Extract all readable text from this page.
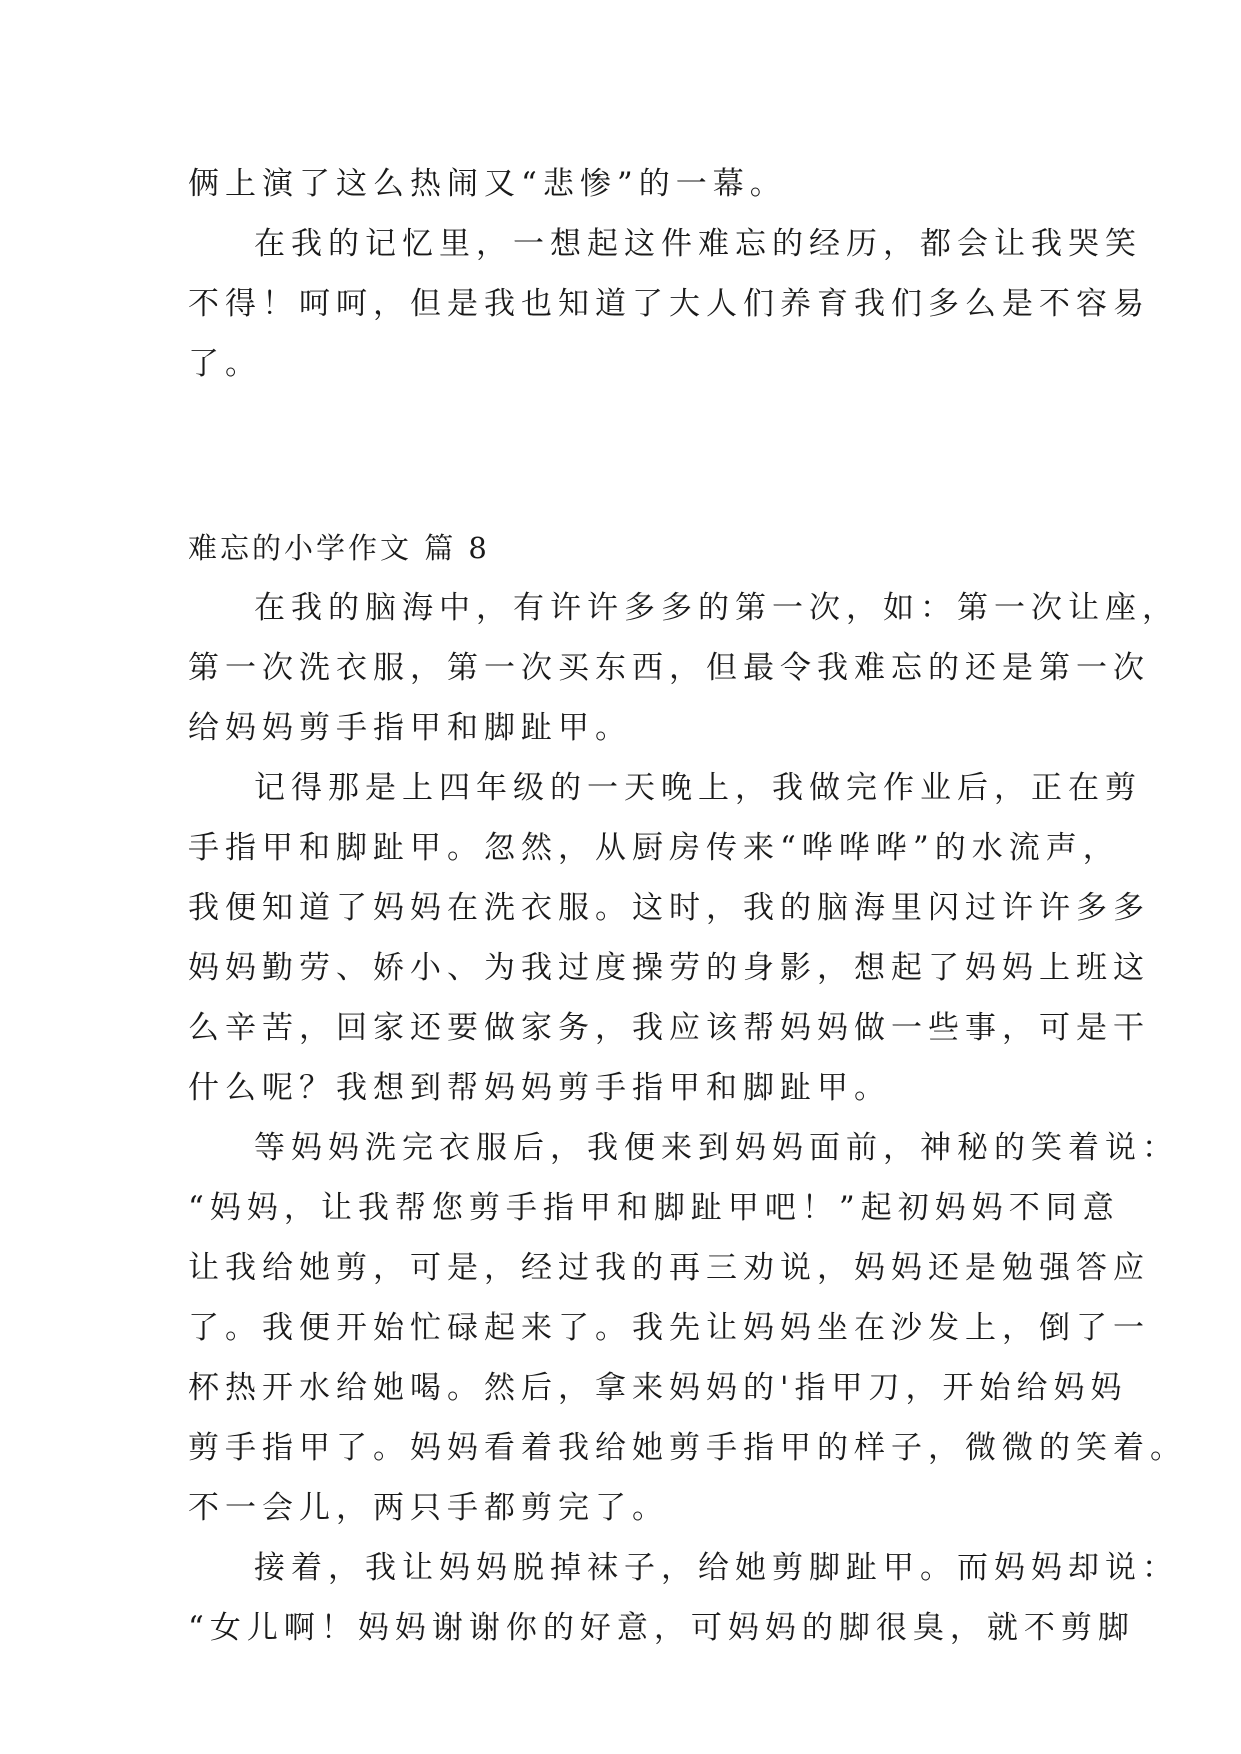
俩上演了这么热闹又“悲惨”的一幕。
在我的记忆里，一想起这件难忘的经历，都会让我哭笑
不得！呵呵，但是我也知道了大人们养育我们多么是不容易
了。
难忘的小学作文 篇 8
在我的脑海中，有许许多多的第一次，如：第一次让座，
第一次洗衣服，第一次买东西，但最令我难忘的还是第一次
给妈妈剪手指甲和脚趾甲。
记得那是上四年级的一天晚上，我做完作业后，正在剪
手指甲和脚趾甲。忽然，从厨房传来“哗哗哗”的水流声，
我便知道了妈妈在洗衣服。这时，我的脑海里闪过许许多多
妈妈勤劳、娇小、为我过度操劳的身影，想起了妈妈上班这
么辛苦，回家还要做家务，我应该帮妈妈做一些事，可是干
什么呢？我想到帮妈妈剪手指甲和脚趾甲。
等妈妈洗完衣服后，我便来到妈妈面前，神秘的笑着说：
“妈妈，让我帮您剪手指甲和脚趾甲吧！”起初妈妈不同意
让我给她剪，可是，经过我的再三劝说，妈妈还是勉强答应
了。我便开始忙碌起来了。我先让妈妈坐在沙发上，倒了一
杯热开水给她喝。然后，拿来妈妈的'指甲刀，开始给妈妈
剪手指甲了。妈妈看着我给她剪手指甲的样子，微微的笑着。
不一会儿，两只手都剪完了。
接着，我让妈妈脱掉袜子，给她剪脚趾甲。而妈妈却说：
“女儿啊！妈妈谢谢你的好意，可妈妈的脚很臭，就不剪脚
